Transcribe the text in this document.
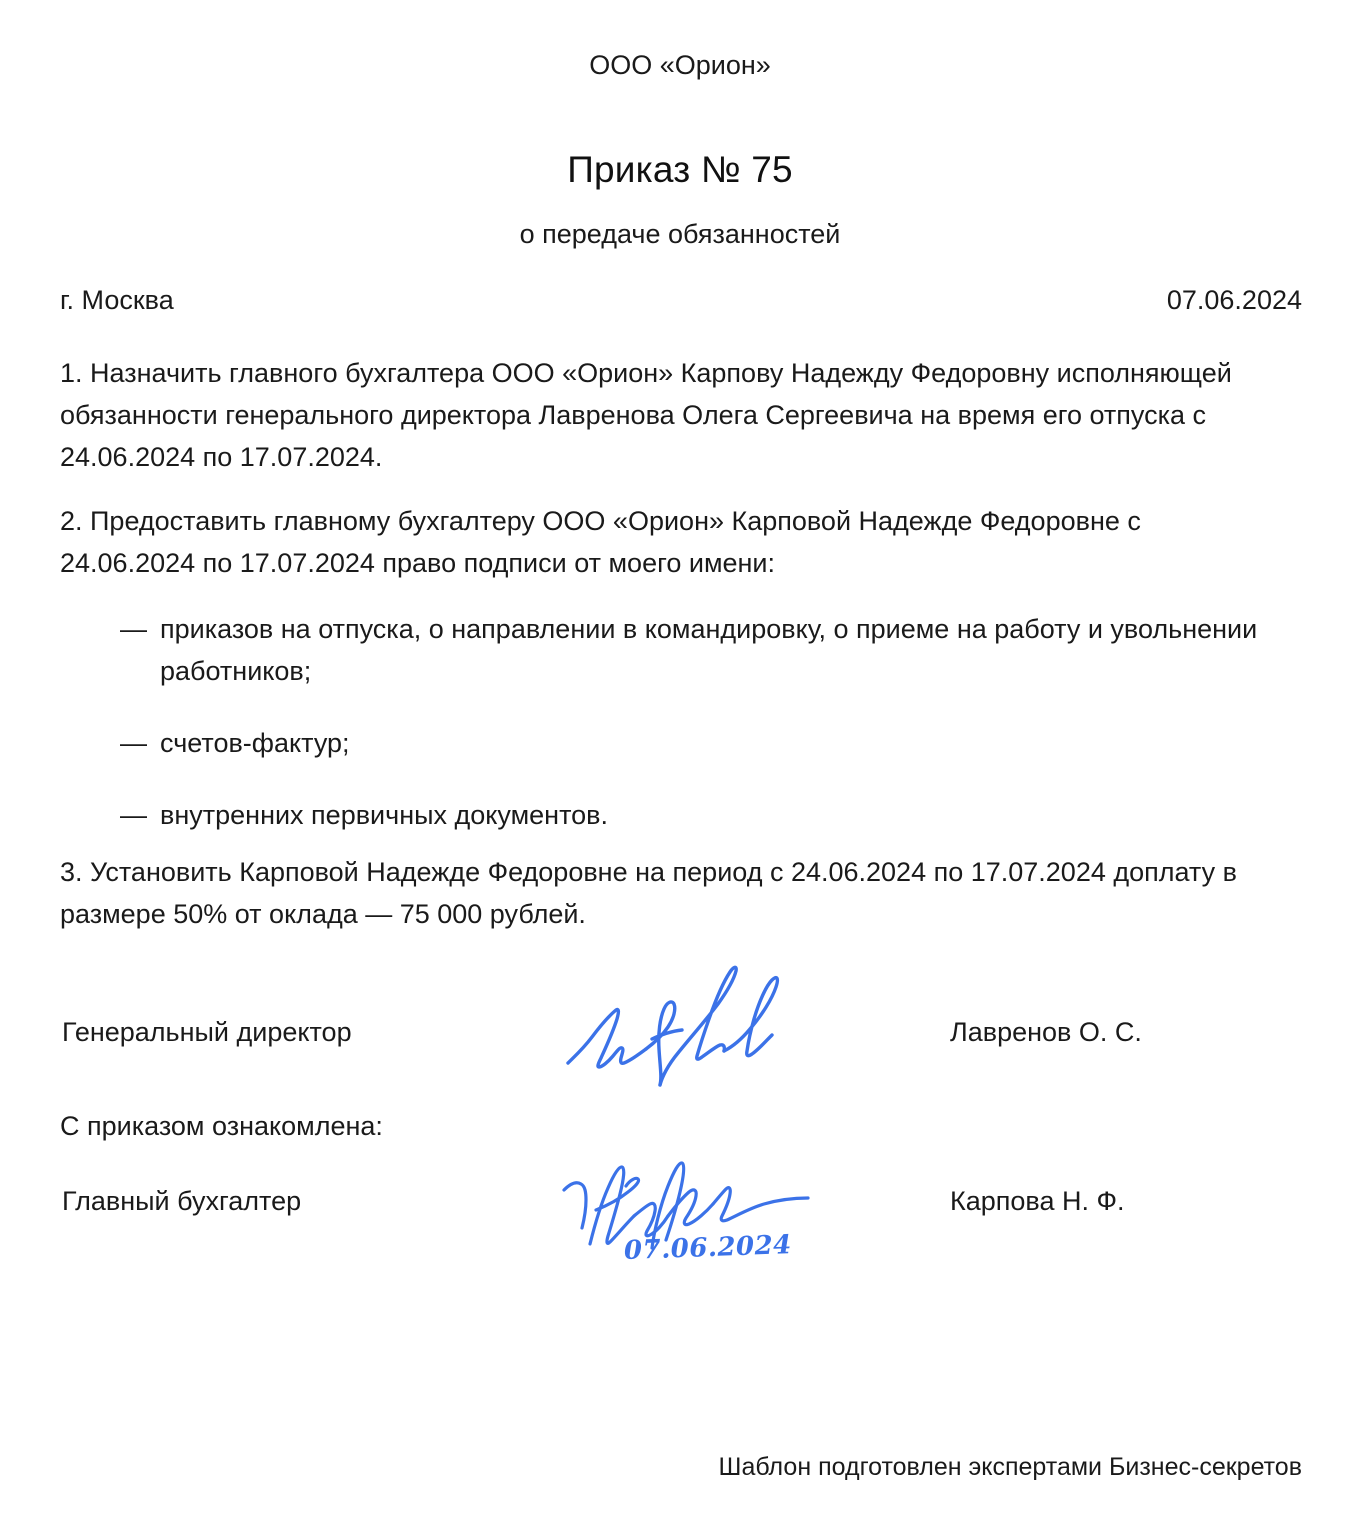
ООО «Орион»
Приказ № 75
о передаче обязанностей
г. Москва	07.06.2024
1. Назначить главного бухгалтера ООО «Орион» Карпову Надежду Федоровну исполняющей обязанности генерального директора Лавренова Олега Сергеевича на время его отпуска с 24.06.2024 по 17.07.2024.
2. Предоставить главному бухгалтеру ООО «Орион» Карповой Надежде Федоровне с 24.06.2024 по 17.07.2024 право подписи от моего имени:
— приказов на отпуска, о направлении в командировку, о приеме на работу и увольнении работников;
— счетов-фактур;
— внутренних первичных документов.
3. Установить Карповой Надежде Федоровне на период с 24.06.2024 по 17.07.2024 доплату в размере 50% от оклада — 75 000 рублей.
Генеральный директор	Лавренов О. С.
С приказом ознакомлена:
Главный бухгалтер	Карпова Н. Ф.
07.06.2024
Шаблон подготовлен экспертами Бизнес-секретов
